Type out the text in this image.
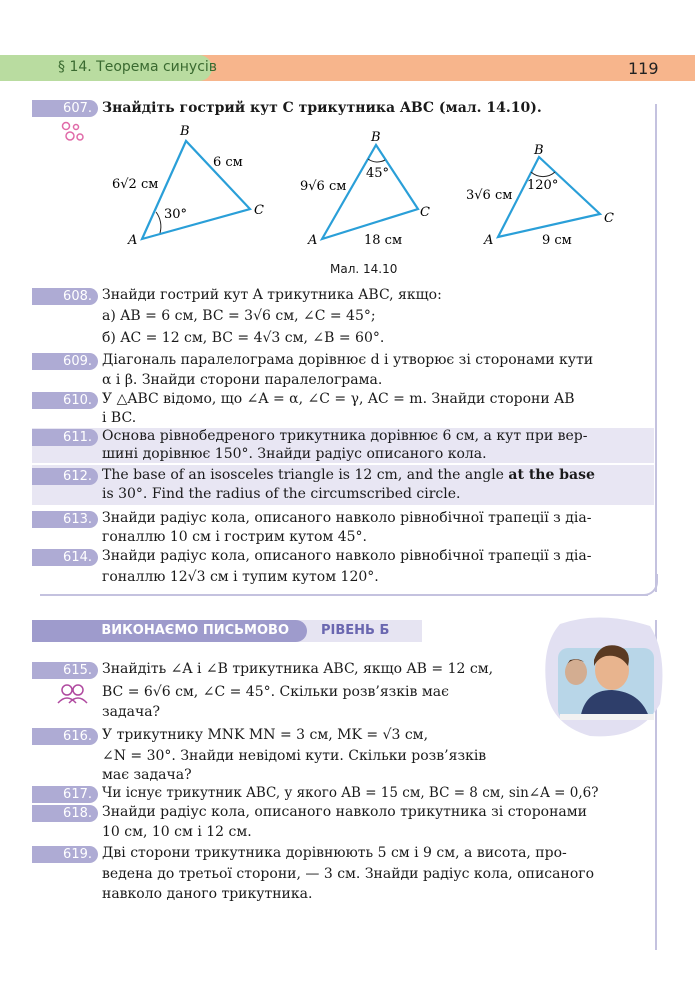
§ 14. Теорема синусів	119
607. Знайдіть гострий кут C трикутника ABC (мал. 14.10).
A
B
C
6√2 см
6 см
30°
A
B
C
9√6 см
18 см
45°
A
B
C
3√6 см
9 см
120°
Мал. 14.10
608. Знайди гострий кут A трикутника ABC, якщо:
а) AB = 6 см, BC = 3√6 см, ∠C = 45°;
б) AC = 12 см, BC = 4√3 см, ∠B = 60°.
609. Діагональ паралелограма дорівнює d і утворює зі сторонами кути
α і β. Знайди сторони паралелограма.
610. У △ABC відомо, що ∠A = α, ∠C = γ, AC = m. Знайди сторони AB
і BC.
611. Основа рівнобедреного трикутника дорівнює 6 см, а кут при вер-
шині дорівнює 150°. Знайди радіус описаного кола.
612. The base of an isosceles triangle is 12 cm, and the angle at the base
is 30°. Find the radius of the circumscribed circle.
613. Знайди радіус кола, описаного навколо рівнобічної трапеції з діа-
гоналлю 10 см і гострим кутом 45°.
614. Знайди радіус кола, описаного навколо рівнобічної трапеції з діа-
гоналлю 12√3 см і тупим кутом 120°.
ВИКОНАЄМО ПИСЬМОВО	РІВЕНЬ Б
615. Знайдіть ∠A і ∠B трикутника ABC, якщо AB = 12 см,
BC = 6√6 см, ∠C = 45°. Скільки розв’язків має
задача?
616. У трикутнику MNK MN = 3 см, MK = √3 см,
∠N = 30°. Знайди невідомі кути. Скільки розв’язків
має задача?
617. Чи існує трикутник ABC, у якого AB = 15 см, BC = 8 см, sin∠A = 0,6?
618. Знайди радіус кола, описаного навколо трикутника зі сторонами
10 см, 10 см і 12 см.
619. Дві сторони трикутника дорівнюють 5 см і 9 см, а висота, про-
ведена до третьої сторони, — 3 см. Знайди радіус кола, описаного
навколо даного трикутника.
